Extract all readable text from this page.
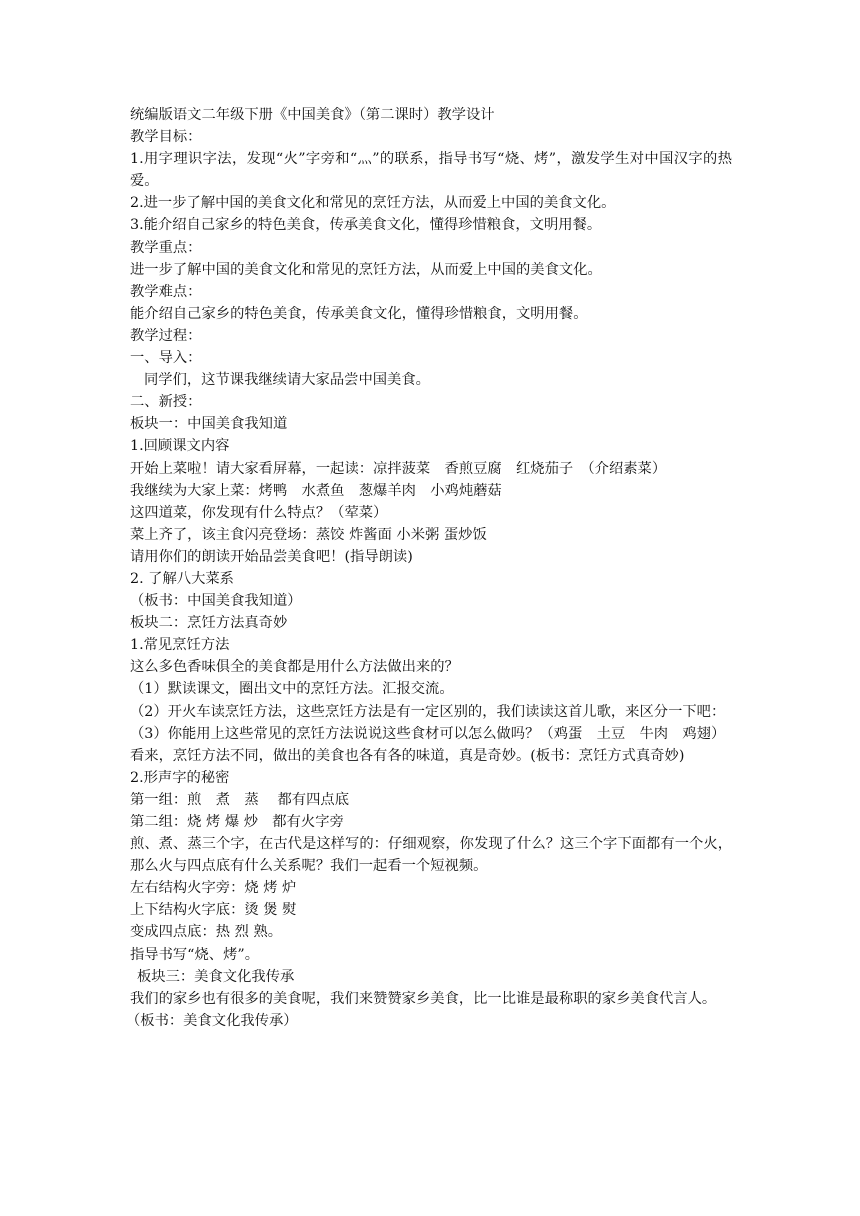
统编版语文二年级下册《中国美食》（第二课时）教学设计
教学目标：
1.用字理识字法，发现“火”字旁和“灬”的联系，指导书写“烧、烤”，激发学生对中国汉字的热爱。
2.进一步了解中国的美食文化和常见的烹饪方法，从而爱上中国的美食文化。
3.能介绍自己家乡的特色美食，传承美食文化，懂得珍惜粮食，文明用餐。
教学重点：
进一步了解中国的美食文化和常见的烹饪方法，从而爱上中国的美食文化。
教学难点：
能介绍自己家乡的特色美食，传承美食文化，懂得珍惜粮食，文明用餐。
教学过程：
一、导入：
同学们，这节课我继续请大家品尝中国美食。
二、新授：
板块一：中国美食我知道
1.回顾课文内容
开始上菜啦！请大家看屏幕，一起读：凉拌菠菜　香煎豆腐　红烧茄子　（介绍素菜）
我继续为大家上菜：烤鸭　水煮鱼　葱爆羊肉　小鸡炖蘑菇
这四道菜，你发现有什么特点？（荤菜）
菜上齐了，该主食闪亮登场：蒸饺 炸酱面 小米粥 蛋炒饭
请用你们的朗读开始品尝美食吧！(指导朗读)
2. 了解八大菜系
（板书：中国美食我知道）
板块二：烹饪方法真奇妙
1.常见烹饪方法
这么多色香味俱全的美食都是用什么方法做出来的？
（1）默读课文，圈出文中的烹饪方法。汇报交流。
（2）开火车读烹饪方法，这些烹饪方法是有一定区别的，我们读读这首儿歌，来区分一下吧：
（3）你能用上这些常见的烹饪方法说说这些食材可以怎么做吗？（鸡蛋　土豆　牛肉　鸡翅）
看来，烹饪方法不同，做出的美食也各有各的味道，真是奇妙。(板书：烹饪方式真奇妙)
2.形声字的秘密
第一组：煎　煮　蒸　 都有四点底
第二组：烧 烤 爆 炒　都有火字旁
煎、煮、蒸三个字，在古代是这样写的：仔细观察，你发现了什么？这三个字下面都有一个火，那么火与四点底有什么关系呢？我们一起看一个短视频。
左右结构火字旁：烧 烤 炉
上下结构火字底：烫 煲 熨
变成四点底：热 烈 熟。
指导书写“烧、烤”。
板块三：美食文化我传承
我们的家乡也有很多的美食呢，我们来赞赞家乡美食，比一比谁是最称职的家乡美食代言人。
（板书：美食文化我传承）
